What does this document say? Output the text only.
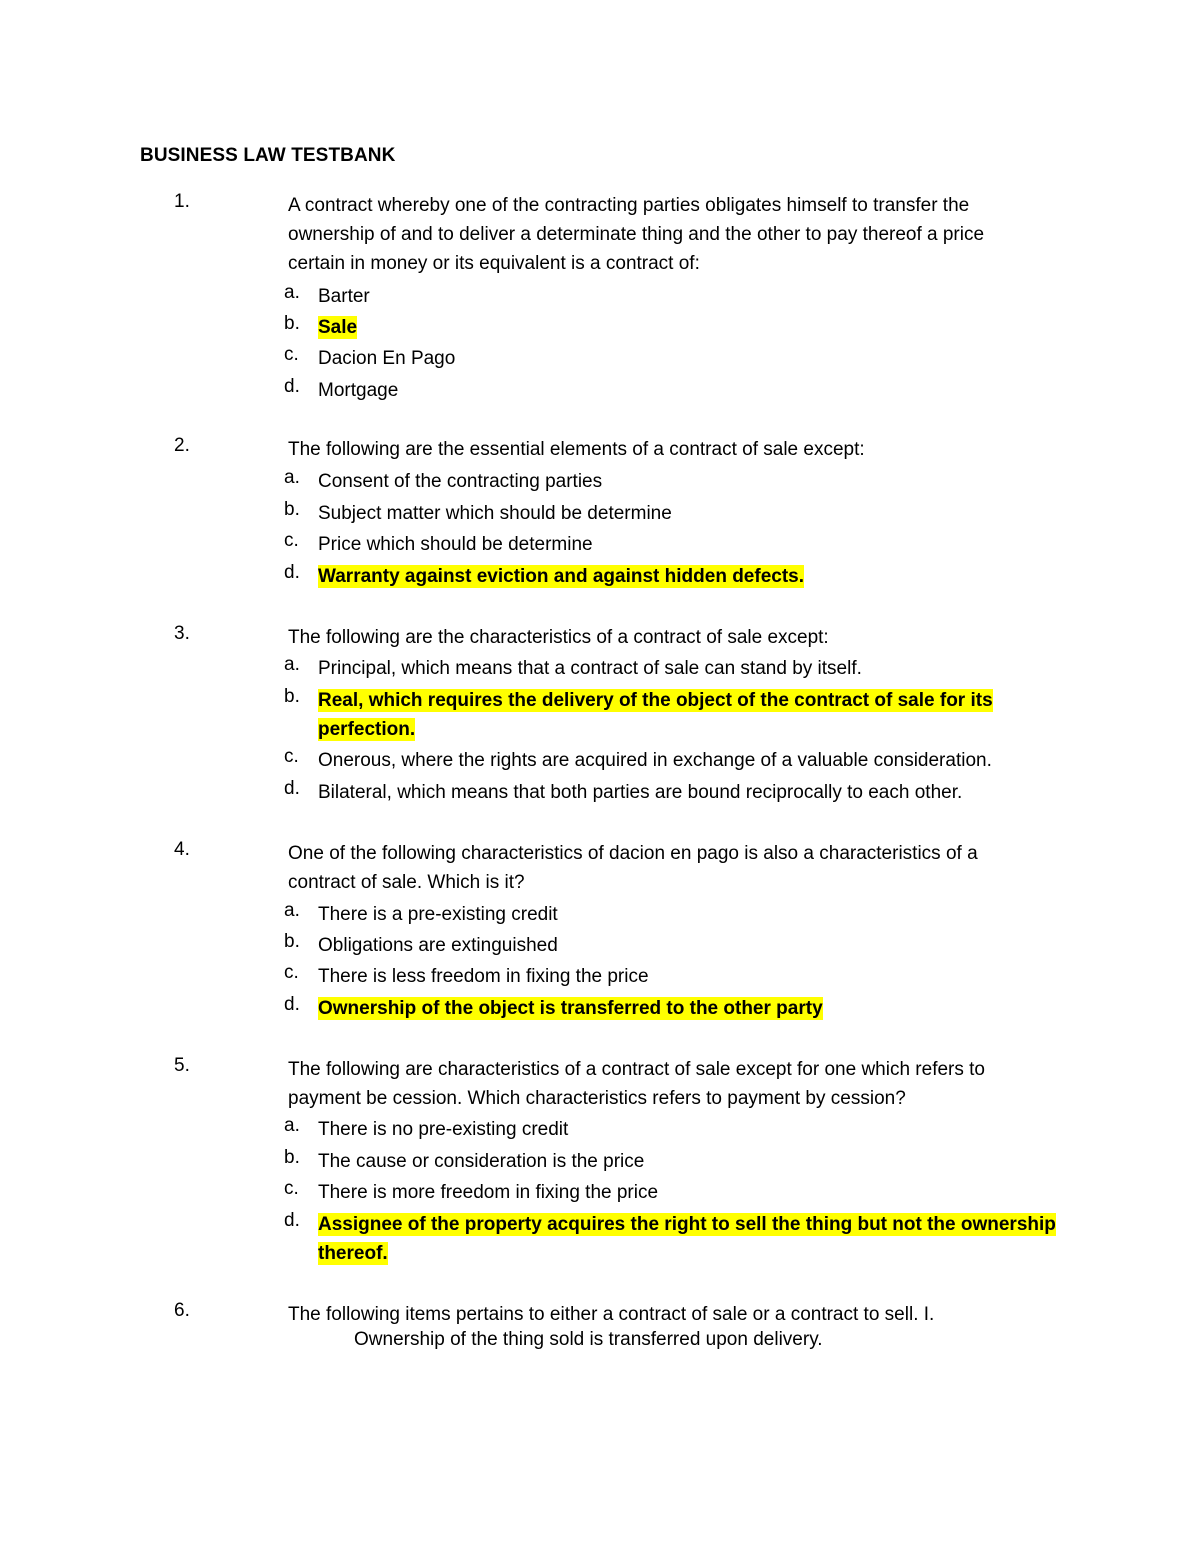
BUSINESS LAW TESTBANK
1.	A contract whereby one of the contracting parties obligates himself to transfer the
ownership of and to deliver a determinate thing and the other to pay thereof a price
certain in money or its equivalent is a contract of:
a. Barter
b. Sale
c. Dacion En Pago
d. Mortgage
2.	The following are the essential elements of a contract of sale except:
a. Consent of the contracting parties
b. Subject matter which should be determine
c. Price which should be determine
d. Warranty against eviction and against hidden defects.
3.	The following are the characteristics of a contract of sale except:
a. Principal, which means that a contract of sale can stand by itself.
b. Real, which requires the delivery of the object of the contract of sale for its
perfection.
c. Onerous, where the rights are acquired in exchange of a valuable consideration.
d. Bilateral, which means that both parties are bound reciprocally to each other.
4.	One of the following characteristics of dacion en pago is also a characteristics of a
contract of sale. Which is it?
a. There is a pre-existing credit
b. Obligations are extinguished
c. There is less freedom in fixing the price
d. Ownership of the object is transferred to the other party
5.	The following are characteristics of a contract of sale except for one which refers to
payment be cession. Which characteristics refers to payment by cession?
a. There is no pre-existing credit
b. The cause or consideration is the price
c. There is more freedom in fixing the price
d. Assignee of the property acquires the right to sell the thing but not the ownership
thereof.
6.	The following items pertains to either a contract of sale or a contract to sell. I.
Ownership of the thing sold is transferred upon delivery.
